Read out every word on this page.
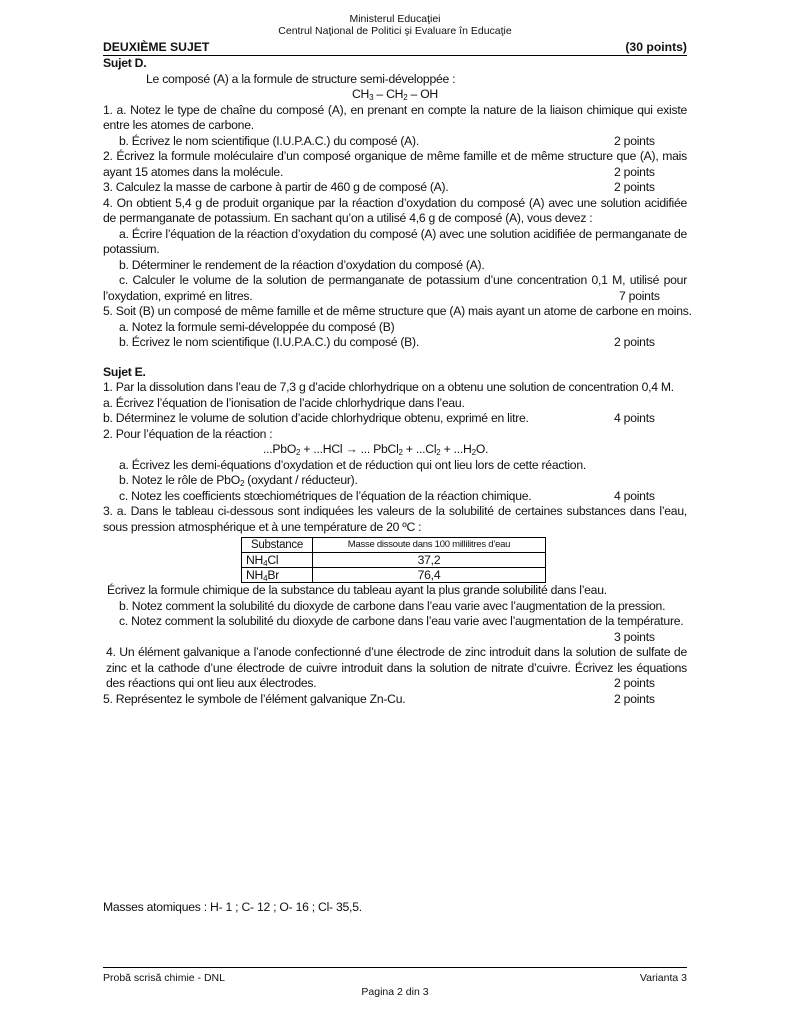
Ministerul Educaţiei
Centrul Naţional de Politici şi Evaluare în Educaţie
DEUXIÈME SUJET	(30 points)
Sujet D.
Le composé (A) a la formule de structure semi-développée :
$CH_3 - CH_2$ – OH
1. a. Notez le type de chaîne du composé (A), en prenant en compte la nature de la liaison chimique qui existe entre les atomes de carbone.
b. Écrivez le nom scientifique (I.U.P.A.C.) du composé (A).	2 points
2. Écrivez la formule moléculaire d’un composé organique de même famille et de même structure que (A), mais ayant 15 atomes dans la molécule.	2 points
3. Calculez la masse de carbone à partir de 460 g de composé (A).	2 points
4. On obtient 5,4 g de produit organique par la réaction d’oxydation du composé (A) avec une solution acidifiée de permanganate de potassium. En sachant qu’on a utilisé 4,6 g de composé (A), vous devez :
a. Écrire l’équation de la réaction d’oxydation du composé (A) avec une solution acidifiée de permanganate de potassium.
b. Déterminer le rendement de la réaction d’oxydation du composé (A).
c. Calculer le volume de la solution de permanganate de potassium d’une concentration 0,1 M, utilisé pour l’oxydation, exprimé en litres.	7 points
5. Soit (B) un composé de même famille et de même structure que (A) mais ayant un atome de carbone en moins.
a. Notez la formule semi-développée du composé (B)
b. Écrivez le nom scientifique (I.U.P.A.C.) du composé (B).	2 points
Sujet E.
1. Par la dissolution dans l’eau de 7,3 g d’acide chlorhydrique on a obtenu une solution de concentration 0,4 M.
a. Écrivez l’équation de l’ionisation de l’acide chlorhydrique dans l’eau.
b. Déterminez le volume de solution d’acide chlorhydrique obtenu, exprimé en litre.	4 points
2. Pour l’équation de la réaction :
...PbO$_2$ + ...HCl → ... PbCl$_2$ + $...Cl_2 + ...H_2O$.
a. Écrivez les demi-équations d’oxydation et de réduction qui ont lieu lors de cette réaction.
b. Notez le rôle de PbO$_2$ (oxydant / réducteur).
c. Notez les coefficients stœchiométriques de l’équation de la réaction chimique.	4 points
3. a. Dans le tableau ci-dessous sont indiquées les valeurs de la solubilité de certaines substances dans l’eau, sous pression atmosphérique et à une température de 20 ºC :
Substance	Masse dissoute dans 100 millilitres d’eau
$NH_4Cl$	37,2
$NH_4Br$	76,4
Écrivez la formule chimique de la substance du tableau ayant la plus grande solubilité dans l’eau.
b. Notez comment la solubilité du dioxyde de carbone dans l’eau varie avec l’augmentation de la pression.
c. Notez comment la solubilité du dioxyde de carbone dans l’eau varie avec l’augmentation de la température.
3 points
4. Un élément galvanique a l’anode confectionné d’une électrode de zinc introduit dans la solution de sulfate de zinc et la cathode d’une électrode de cuivre introduit dans la solution de nitrate d’cuivre. Écrivez les équations des réactions qui ont lieu aux électrodes.	2 points
5. Représentez le symbole de l’élément galvanique Zn-Cu.	2 points
Masses atomiques : H- 1 ; C- 12 ; O- 16 ; Cl- 35,5.
Probă scrisă chimie - DNL	Varianta 3
Pagina 2 din 3
